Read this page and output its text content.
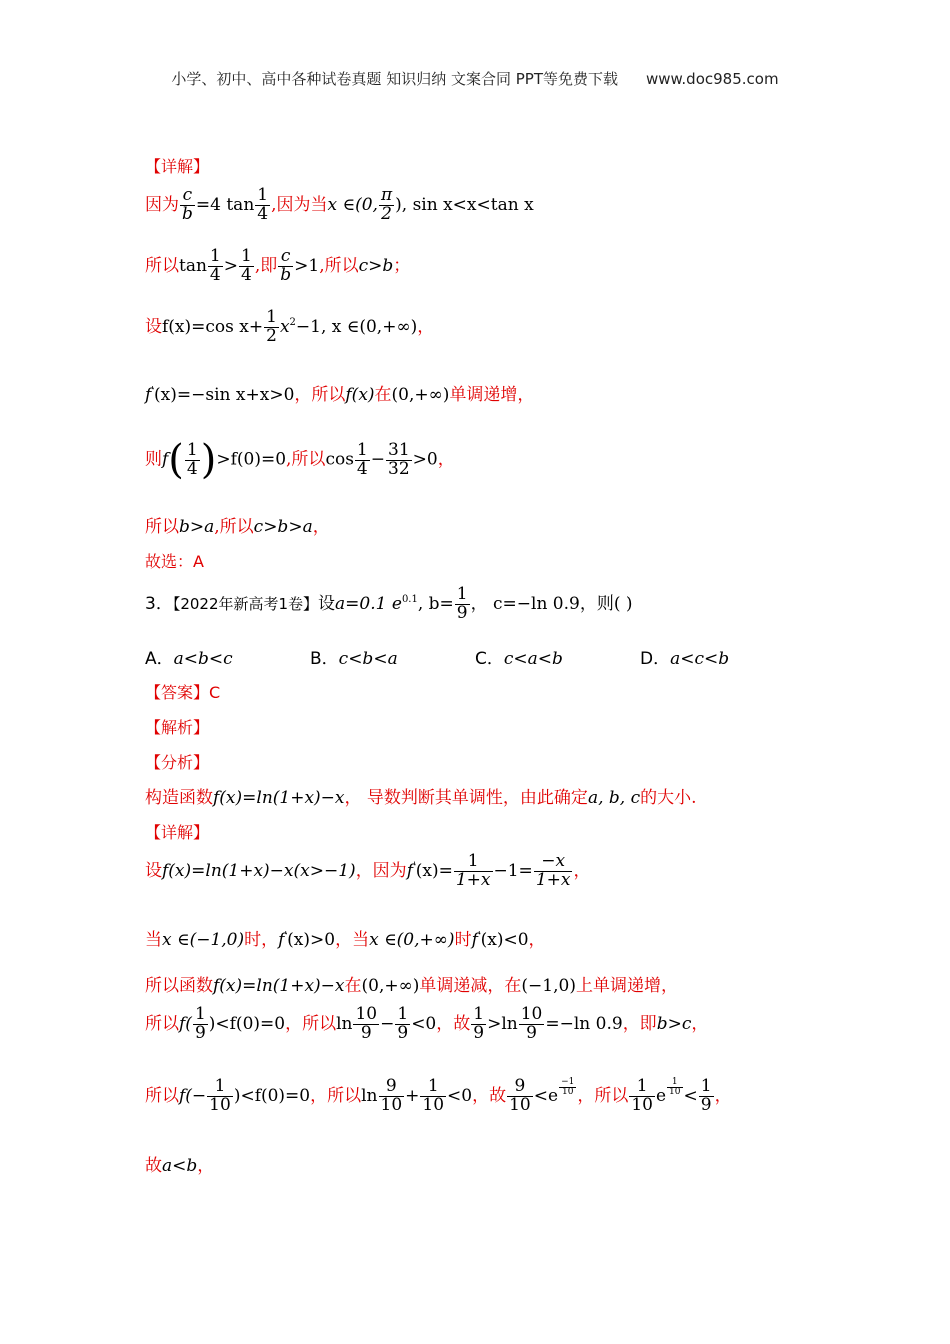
小学、初中、高中各种试卷真题 知识归纳 文案合同 PPT等免费下载 www.doc985.com
【详解】
因为 $\frac{c}{b} =4$ $\tan \frac{1}{4}$ ,因为当x ∈(0, $\frac{\pi}{2}$ ), sin x<x<tan x
所以$\tan \frac{1}{4} > \frac{1}{4}$ ,即 $\frac{c}{b} >1$,所以c>b；
设f(x)=cos $x+ \frac{1}{2} x^2-1$, x ∈(0,+∞)，
f'(x)=−sin x+x>0，所以f(x)在(0,+∞)单调递增，
则$f( \frac{1}{4} )>f(0)=0$,所以$\cos \frac{1}{4} - \frac{31}{32} >0$，
所以b>a,所以c>b>a，
故选：A
3．【2022年新高考1卷】设a=0.1 $e^{0.1}$, $b= \frac{1}{9}$ ， c=−ln 0.9，则( )
A．a<b<c	B．c<b<a	C．c<a<b	D．a<c<b
【答案】C
【解析】
【分析】
构造函数f(x)=ln(1+x)−x， 导数判断其单调性，由此确定a, b, c的大小.
【详解】
设f(x)=ln(1+x)−x(x>−1)，因为$f'(x)= \frac{1}{1+x} -1= \frac{-x}{1+x}$ ，
当x ∈(−1,0)时，f'(x)>0，当x ∈(0,+∞)时f'(x)<0，
所以函数f(x)=ln(1+x)−x在(0,+∞)单调递减，在(−1,0)上单调递增，
所以$f( \frac{1}{9} )<f(0)=0$，所以$\ln \frac{10}{9} - \frac{1}{9} <0$，故 $\frac{1}{9} >\ln \frac{10}{9} =-\ln$ 0.9，即b>c，
所以$f(- \frac{1}{10} )<f(0)=0$，所以$\ln \frac{9}{10} + \frac{1}{10} <0$，故 $\frac{9}{10} <e$ $^{\frac{-1}{10}}$ ，所以 $\frac{1}{10}$ e $^{\frac{1}{10}} < \frac{1}{9}$ ，
故a<b，
